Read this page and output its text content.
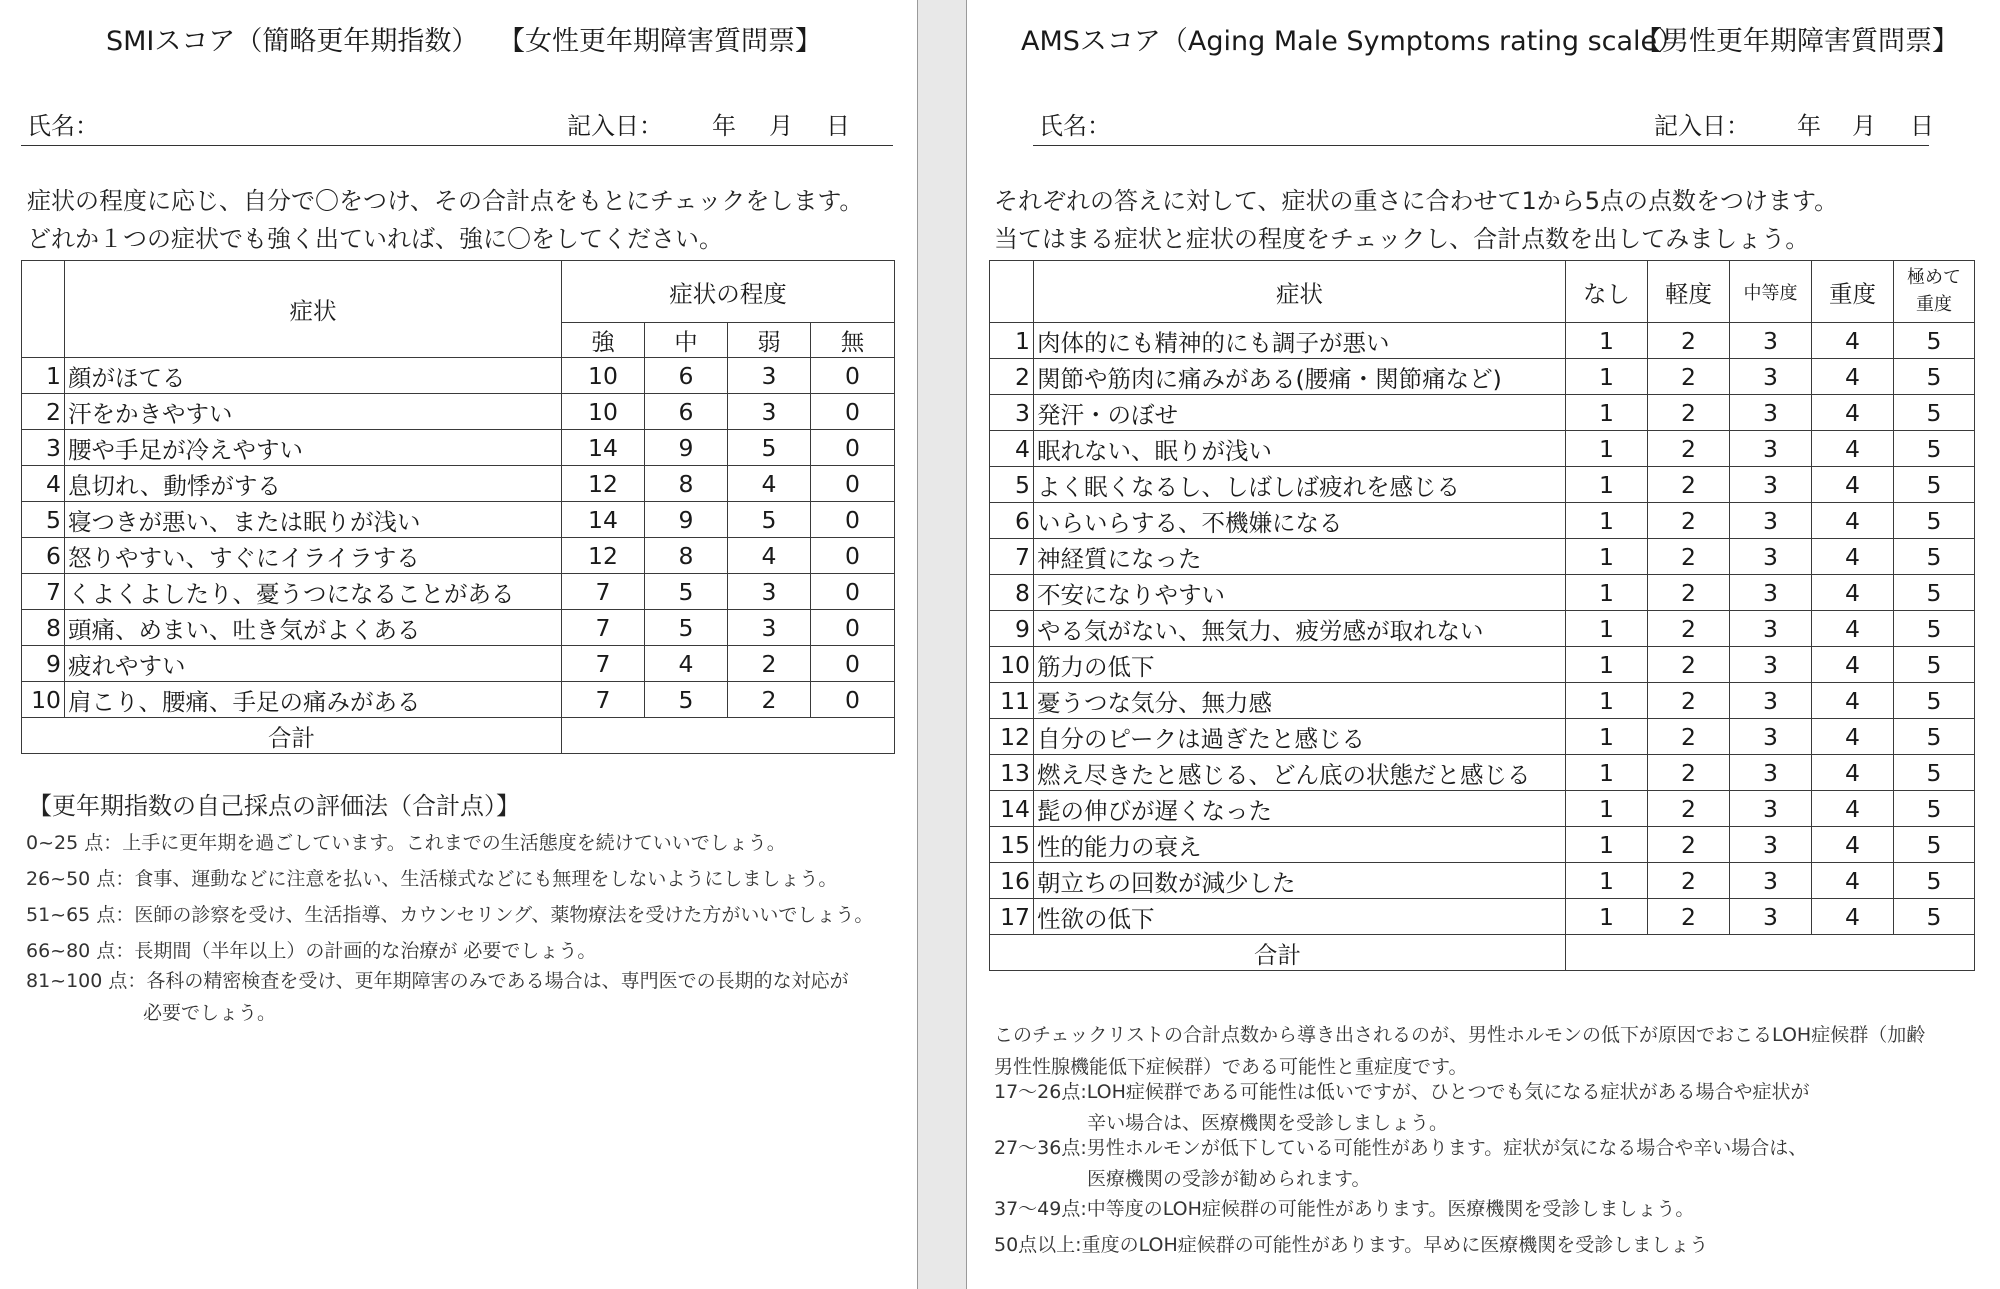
SMIスコア（簡略更年期指数） 【女性更年期障害質問票】
氏名：	記入日： 年 月 日
症状の程度に応じ、自分で〇をつけ、その合計点をもとにチェックをします。
どれか１つの症状でも強く出ていれば、強に〇をしてください。
	症状	症状の程度			
		強	中	弱	無
1	顔がほてる	10	6	3	0
2	汗をかきやすい	10	6	3	0
3	腰や手足が冷えやすい	14	9	5	0
4	息切れ、動悸がする	12	8	4	0
5	寝つきが悪い、または眠りが浅い	14	9	5	0
6	怒りやすい、すぐにイライラする	12	8	4	0
7	くよくよしたり、憂うつになることがある	7	5	3	0
8	頭痛、めまい、吐き気がよくある	7	5	3	0
9	疲れやすい	7	4	2	0
10	肩こり、腰痛、手足の痛みがある	7	5	2	0
合計					
【更年期指数の自己採点の評価法（合計点）】
0~25 点：上手に更年期を過ごしています。これまでの生活態度を続けていいでしょう。
26~50 点：食事、運動などに注意を払い、生活様式などにも無理をしないようにしましょう。
51~65 点：医師の診察を受け、生活指導、カウンセリング、薬物療法を受けた方がいいでしょう。
66~80 点：長期間（半年以上）の計画的な治療が 必要でしょう。
81~100 点：各科の精密検査を受け、更年期障害のみである場合は、専門医での長期的な対応が
必要でしょう。
AMSスコア（Aging Male Symptoms rating scale）
【男性更年期障害質問票】
氏名：	記入日： 年 月 日
それぞれの答えに対して、症状の重さに合わせて1から5点の点数をつけます。
当てはまる症状と症状の程度をチェックし、合計点数を出してみましょう。
	症状	なし	軽度	中等度	重度	極めて
重度

1	肉体的にも精神的にも調子が悪い	1	2	3	4	5
2	関節や筋肉に痛みがある(腰痛・関節痛など)	1	2	3	4	5
3	発汗・のぼせ	1	2	3	4	5
4	眠れない、眠りが浅い	1	2	3	4	5
5	よく眠くなるし、しばしば疲れを感じる	1	2	3	4	5
6	いらいらする、不機嫌になる	1	2	3	4	5
7	神経質になった	1	2	3	4	5
8	不安になりやすい	1	2	3	4	5
9	やる気がない、無気力、疲労感が取れない	1	2	3	4	5
10	筋力の低下	1	2	3	4	5
11	憂うつな気分、無力感	1	2	3	4	5
12	自分のピークは過ぎたと感じる	1	2	3	4	5
13	燃え尽きたと感じる、どん底の状態だと感じる	1	2	3	4	5
14	髭の伸びが遅くなった	1	2	3	4	5
15	性的能力の衰え	1	2	3	4	5
16	朝立ちの回数が減少した	1	2	3	4	5
17	性欲の低下	1	2	3	4	5
合計						
このチェックリストの合計点数から導き出されるのが、男性ホルモンの低下が原因でおこるLOH症候群（加齢
男性性腺機能低下症候群）である可能性と重症度です。
17〜26点:LOH症候群である可能性は低いですが、ひとつでも気になる症状がある場合や症状が
辛い場合は、医療機関を受診しましょう。
27〜36点:男性ホルモンが低下している可能性があります。症状が気になる場合や辛い場合は、
医療機関の受診が勧められます。
37〜49点:中等度のLOH症候群の可能性があります。医療機関を受診しましょう。
50点以上:重度のLOH症候群の可能性があります。早めに医療機関を受診しましょう
